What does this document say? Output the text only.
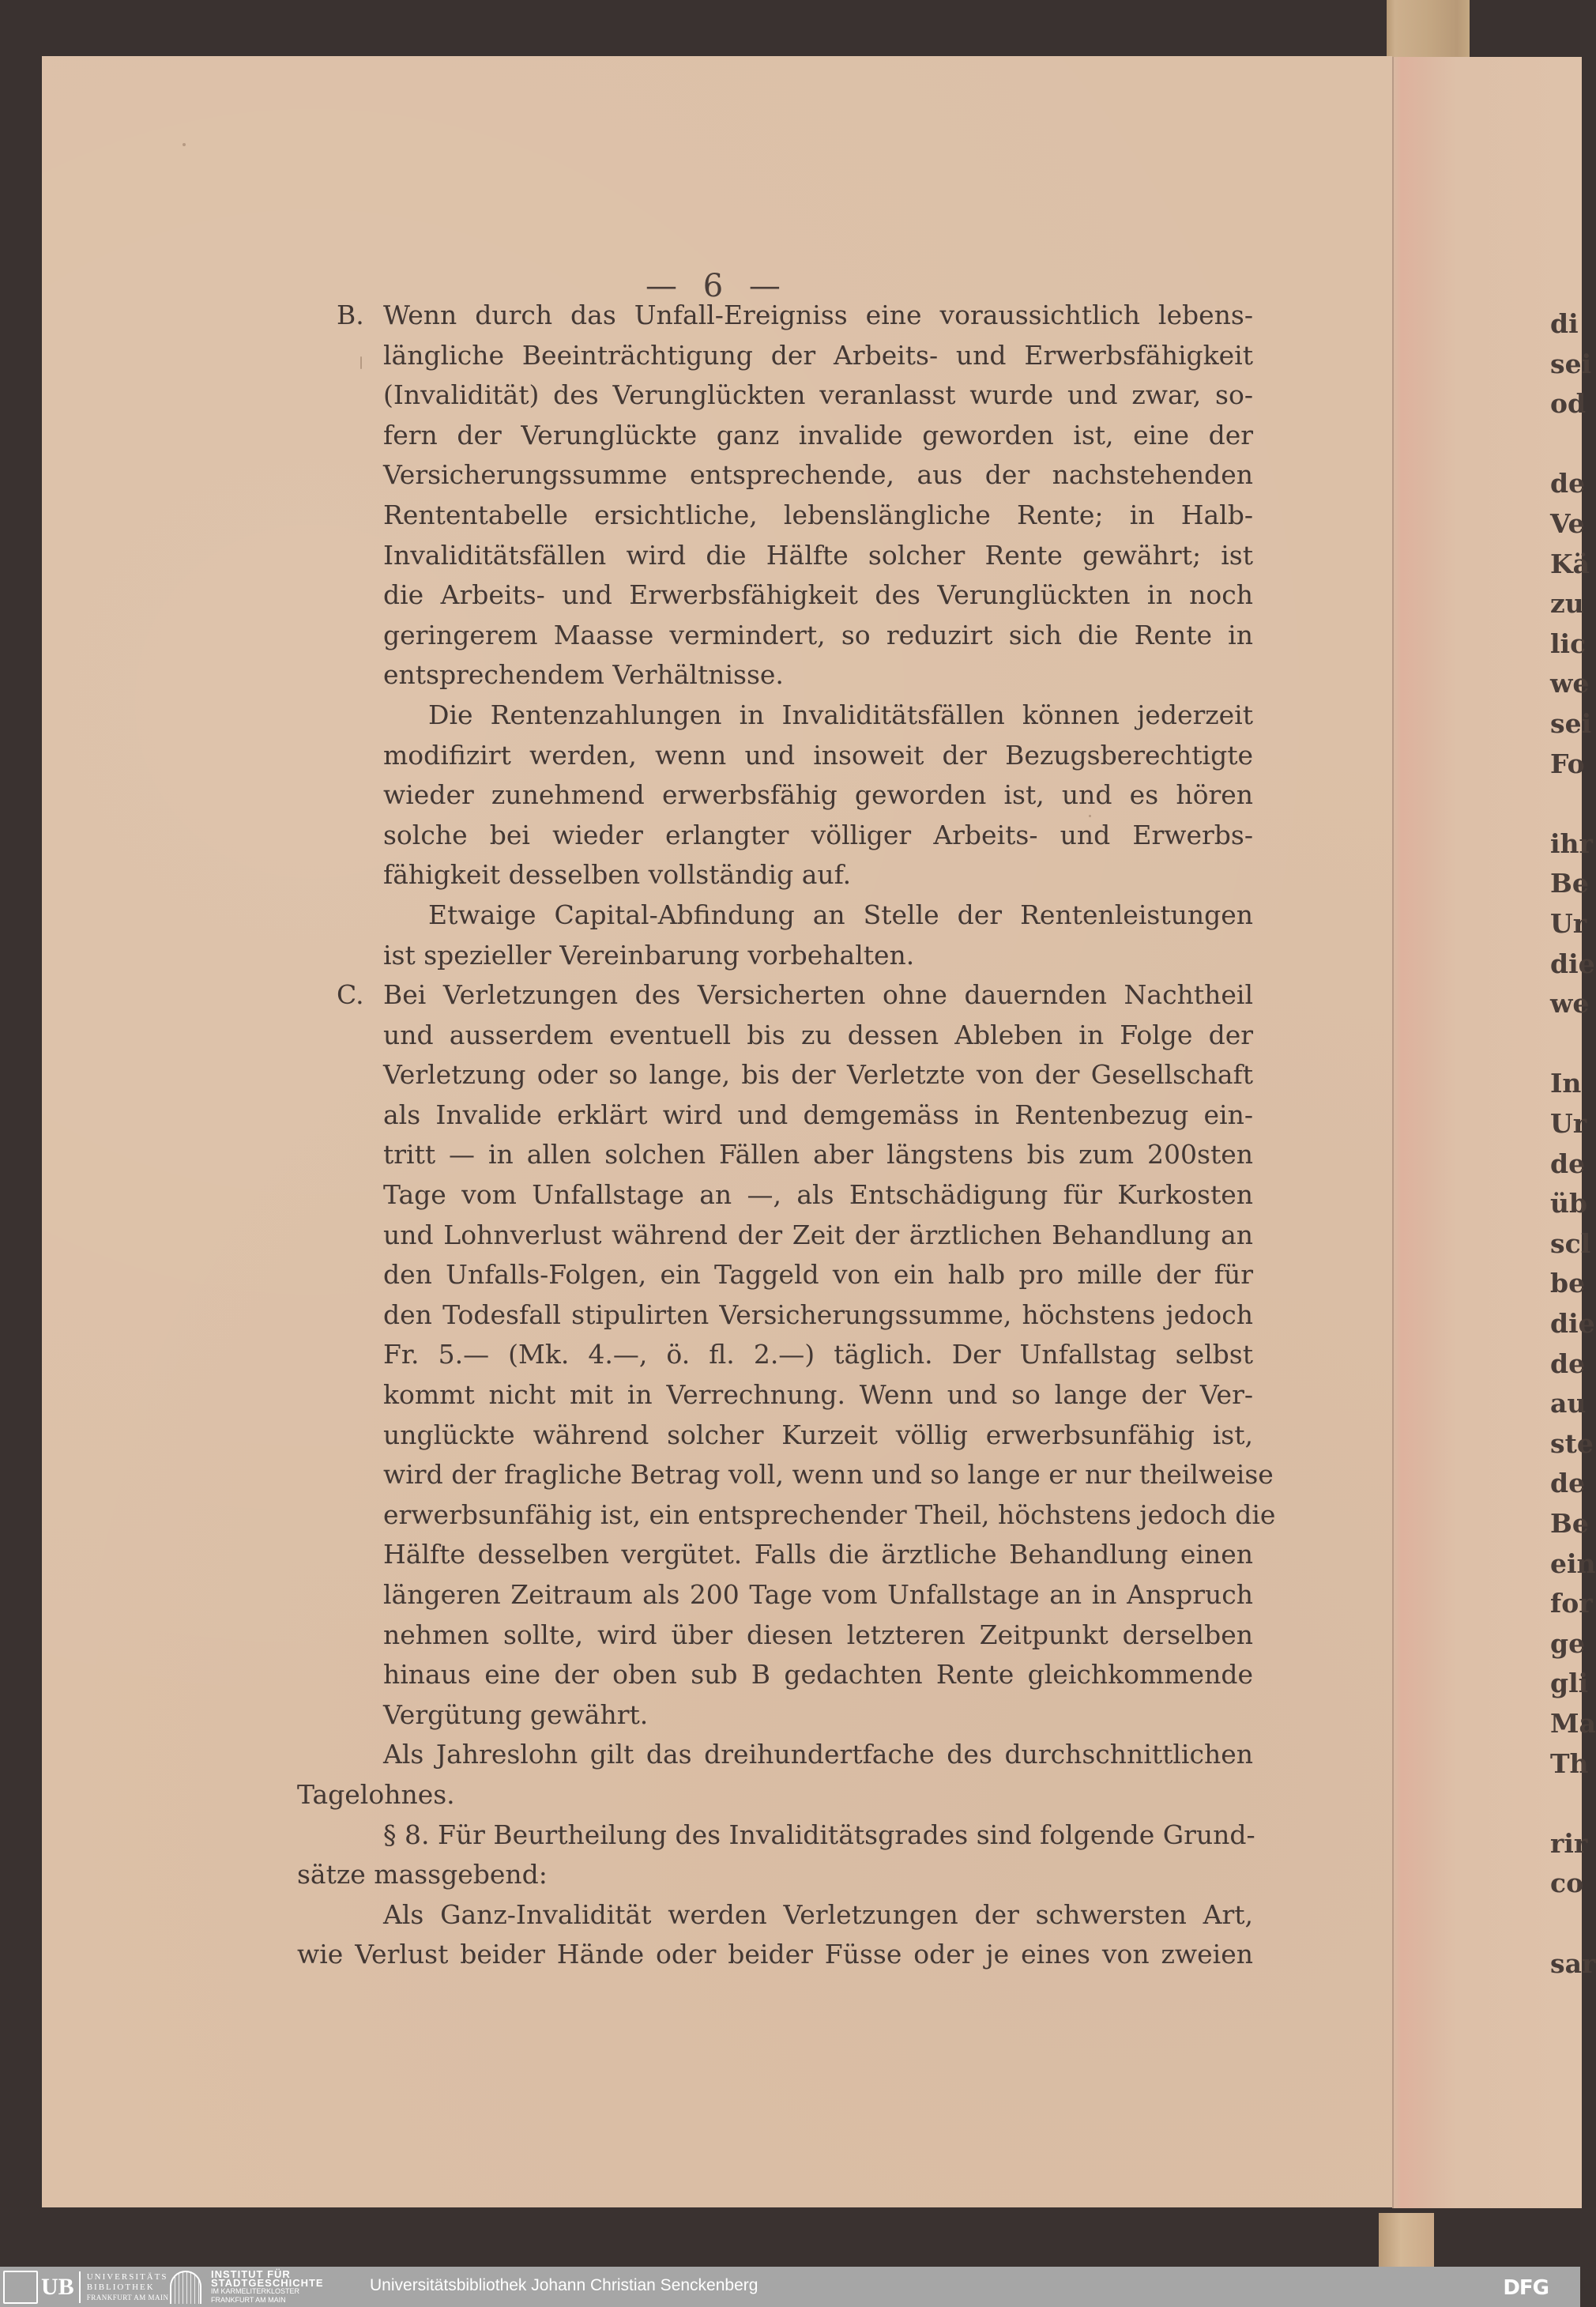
— 6 —
di
sei
od
de
Ve
Kä
zu
lic
we
sei
Fo
ihr
Be
Ur
die
we
In
Ur
de
üb
scl
be
die
de
au
ste
de
Be
ein
for
ge
gli
Ma
Th
rir
co
sar
Wenn durch das Unfall-Ereigniss eine voraussichtlich lebens-
B.
längliche Beeinträchtigung der Arbeits- und Erwerbsfähigkeit
(Invalidität) des Verunglückten veranlasst wurde und zwar, so-
fern der Verunglückte ganz invalide geworden ist, eine der
Versicherungssumme entsprechende, aus der nachstehenden
Rententabelle ersichtliche, lebenslängliche Rente; in Halb-
Invaliditätsfällen wird die Hälfte solcher Rente gewährt; ist
die Arbeits- und Erwerbsfähigkeit des Verunglückten in noch
geringerem Maasse vermindert, so reduzirt sich die Rente in
entsprechendem Verhältnisse.
Die Rentenzahlungen in Invaliditätsfällen können jederzeit
modifizirt werden, wenn und insoweit der Bezugsberechtigte
wieder zunehmend erwerbsfähig geworden ist, und es hören
solche bei wieder erlangter völliger Arbeits- und Erwerbs-
fähigkeit desselben vollständig auf.
Etwaige Capital-Abfindung an Stelle der Rentenleistungen
ist spezieller Vereinbarung vorbehalten.
Bei Verletzungen des Versicherten ohne dauernden Nachtheil
C.
und ausserdem eventuell bis zu dessen Ableben in Folge der
Verletzung oder so lange, bis der Verletzte von der Gesellschaft
als Invalide erklärt wird und demgemäss in Rentenbezug ein-
tritt — in allen solchen Fällen aber längstens bis zum 200sten
Tage vom Unfallstage an —, als Entschädigung für Kurkosten
und Lohnverlust während der Zeit der ärztlichen Behandlung an
den Unfalls-Folgen, ein Taggeld von ein halb pro mille der für
den Todesfall stipulirten Versicherungssumme, höchstens jedoch
Fr. 5.— (Mk. 4.—, ö. fl. 2.—) täglich. Der Unfallstag selbst
kommt nicht mit in Verrechnung. Wenn und so lange der Ver-
unglückte während solcher Kurzeit völlig erwerbsunfähig ist,
wird der fragliche Betrag voll, wenn und so lange er nur theilweise
erwerbsunfähig ist, ein entsprechender Theil, höchstens jedoch die
Hälfte desselben vergütet. Falls die ärztliche Behandlung einen
längeren Zeitraum als 200 Tage vom Unfallstage an in Anspruch
nehmen sollte, wird über diesen letzteren Zeitpunkt derselben
hinaus eine der oben sub B gedachten Rente gleichkommende
Vergütung gewährt.
Als Jahreslohn gilt das dreihundertfache des durchschnittlichen
Tagelohnes.
§ 8. Für Beurtheilung des Invaliditätsgrades sind folgende Grund-
sätze massgebend:
Als Ganz-Invalidität werden Verletzungen der schwersten Art,
wie Verlust beider Hände oder beider Füsse oder je eines von zweien
UB	UNIVERSITÄTS
BIBLIOTHEK
FRANKFURT AM MAIN
INSTITUT FÜR
STADTGESCHICHTE
IM KARMELITERKLOSTER
FRANKFURT AM MAIN
Universitätsbibliothek Johann Christian Senckenberg	DFG
